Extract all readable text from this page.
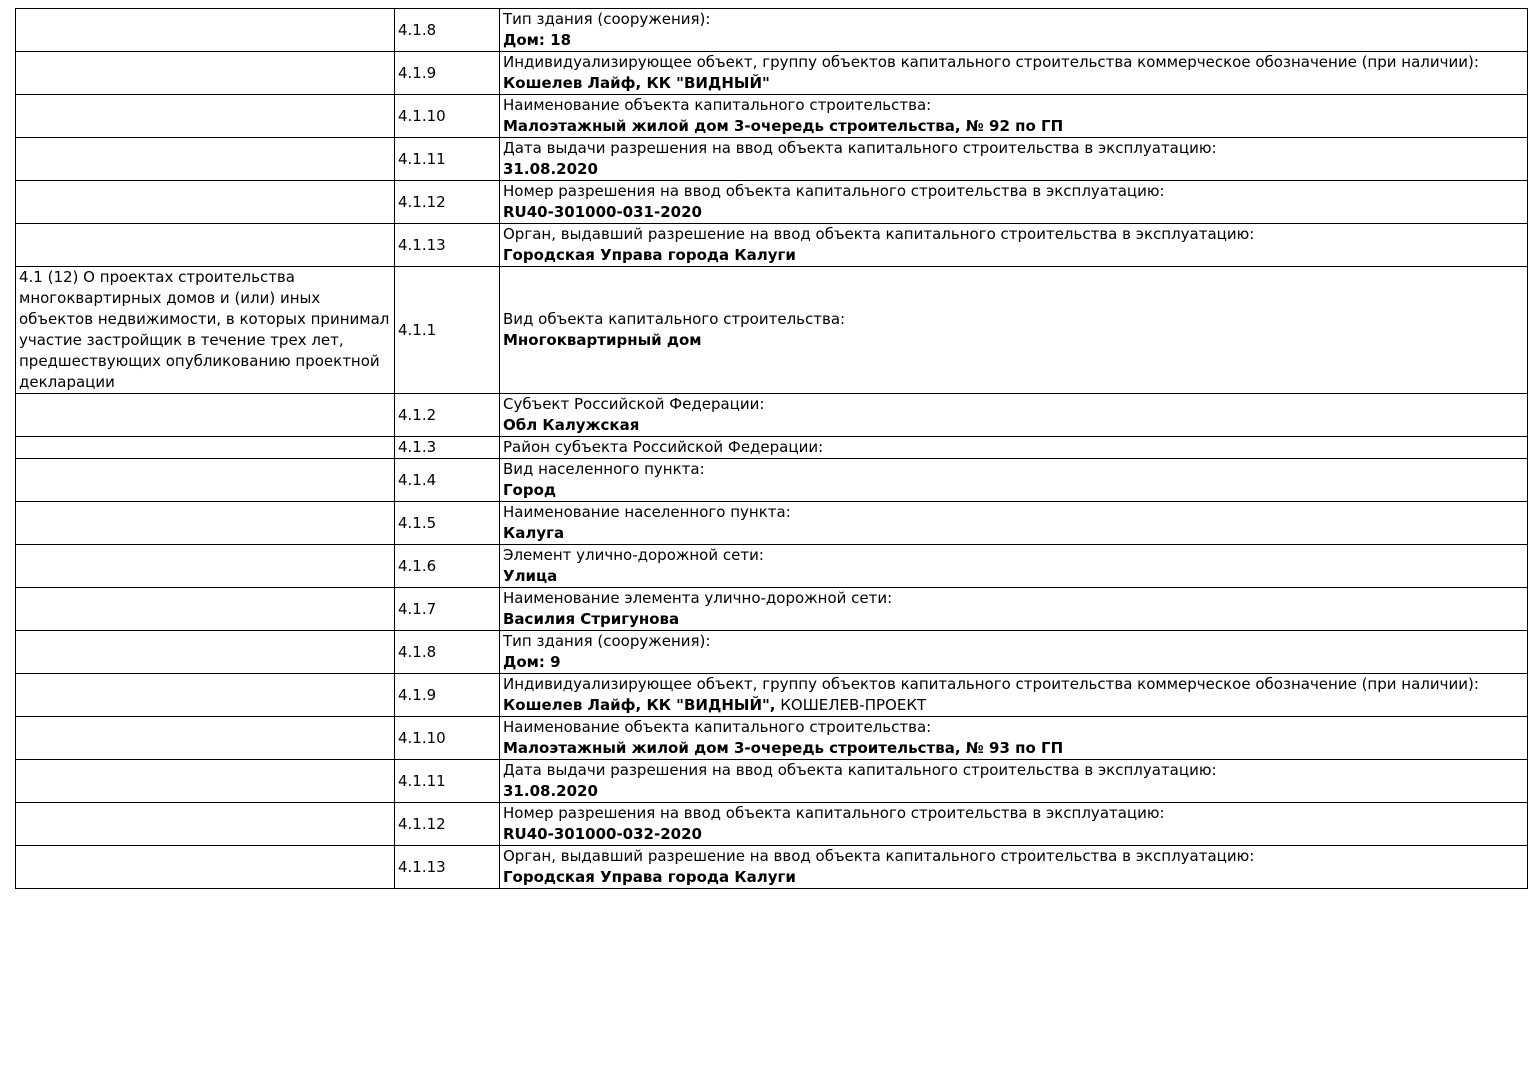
	4.1.8	Тип здания (сооружения):
Дом: 18

	4.1.9	Индивидуализирующее объект, группу объектов капитального строительства коммерческое обозначение (при наличии):
Кошелев Лайф, КК "ВИДНЫЙ"

	4.1.10	Наименование объекта капитального строительства:
Малоэтажный жилой дом 3-очередь строительства, № 92 по ГП

	4.1.11	Дата выдачи разрешения на ввод объекта капитального строительства в эксплуатацию:
31.08.2020

	4.1.12	Номер разрешения на ввод объекта капитального строительства в эксплуатацию:
RU40-301000-031-2020

	4.1.13	Орган, выдавший разрешение на ввод объекта капитального строительства в эксплуатацию:
Городская Управа города Калуги

4.1 (12) О проектах строительства многоквартирных домов и (или) иных объектов недвижимости, в которых принимал участие застройщик в течение трех лет, предшествующих опубликованию проектной декларации	4.1.1	Вид объекта капитального строительства:
Многоквартирный дом

	4.1.2	Субъект Российской Федерации:
Обл Калужская

	4.1.3	Район субъекта Российской Федерации:

	4.1.4	Вид населенного пункта:
Город

	4.1.5	Наименование населенного пункта:
Калуга

	4.1.6	Элемент улично-дорожной сети:
Улица

	4.1.7	Наименование элемента улично-дорожной сети:
Василия Стригунова

	4.1.8	Тип здания (сооружения):
Дом: 9

	4.1.9	Индивидуализирующее объект, группу объектов капитального строительства коммерческое обозначение (при наличии):
Кошелев Лайф, КК "ВИДНЫЙ", КОШЕЛЕВ-ПРОЕКТ

	4.1.10	Наименование объекта капитального строительства:
Малоэтажный жилой дом 3-очередь строительства, № 93 по ГП

	4.1.11	Дата выдачи разрешения на ввод объекта капитального строительства в эксплуатацию:
31.08.2020

	4.1.12	Номер разрешения на ввод объекта капитального строительства в эксплуатацию:
RU40-301000-032-2020

	4.1.13	Орган, выдавший разрешение на ввод объекта капитального строительства в эксплуатацию:
Городская Управа города Калуги
